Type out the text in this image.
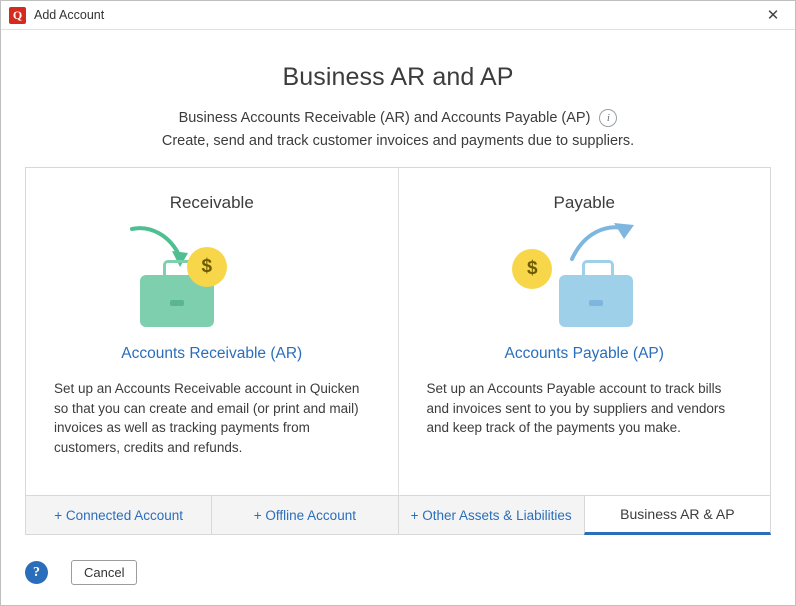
Q Add Account	✕
Business AR and AP
Business Accounts Receivable (AR) and Accounts Payable (AP)	i
Create, send and track customer invoices and payments due to suppliers.
Receivable
$
Accounts Receivable (AR)
Set up an Accounts Receivable account in Quicken so that you can create and email (or print and mail) invoices as well as tracking payments from customers, credits and refunds.
Payable
$
Accounts Payable (AP)
Set up an Accounts Payable account to track bills and invoices sent to you by suppliers and vendors and keep track of the payments you make.
+ Connected Account	+ Offline Account	+ Other Assets & Liabilities	Business AR & AP
?	Cancel
